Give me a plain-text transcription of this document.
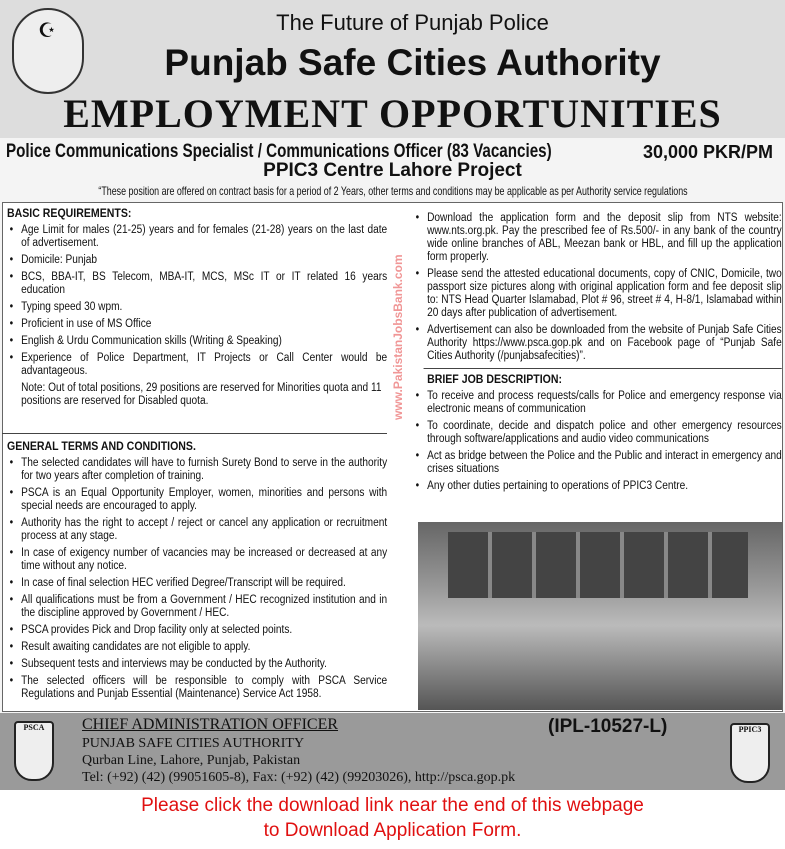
☪
The Future of Punjab Police
Punjab Safe Cities Authority
EMPLOYMENT OPPORTUNITIES
Police Communications Specialist / Communications Officer (83 Vacancies)	30,000 PKR/PM
PPIC3 Centre Lahore Project
“These position are offered on contract basis for a period of 2 Years, other terms and conditions may be applicable as per Authority service regulations
BASIC REQUIREMENTS:
• Age Limit for males (21-25) years and for females (21-28) years on the last date of advertisement.
• Domicile: Punjab
• BCS, BBA-IT, BS Telecom, MBA-IT, MCS, MSc IT or IT related 16 years education
• Typing speed 30 wpm.
• Proficient in use of MS Office
• English & Urdu Communication skills (Writing & Speaking)
• Experience of Police Department, IT Projects or Call Center would be advantageous.
Note: Out of total positions, 29 positions are reserved for Minorities quota and 11 positions are reserved for Disabled quota.
GENERAL TERMS AND CONDITIONS.
• The selected candidates will have to furnish Surety Bond to serve in the authority for two years after completion of training.
• PSCA is an Equal Opportunity Employer, women, minorities and persons with special needs are encouraged to apply.
• Authority has the right to accept / reject or cancel any application or recruitment process at any stage.
• In case of exigency number of vacancies may be increased or decreased at any time without any notice.
• In case of final selection HEC verified Degree/Transcript will be required.
• All qualifications must be from a Government / HEC recognized institution and in the discipline approved by Government / HEC.
• PSCA provides Pick and Drop facility only at selected points.
• Result awaiting candidates are not eligible to apply.
• Subsequent tests and interviews may be conducted by the Authority.
• The selected officers will be responsible to comply with PSCA Service Regulations and Punjab Essential (Maintenance) Service Act 1958.
• Download the application form and the deposit slip from NTS website: www.nts.org.pk. Pay the prescribed fee of Rs.500/- in any bank of the country wide online branches of ABL, Meezan bank or HBL, and fill up the application form properly.
• Please send the attested educational documents, copy of CNIC, Domicile, two passport size pictures along with original application form and fee deposit slip to: NTS Head Quarter Islamabad, Plot # 96, street # 4, H-8/1, Islamabad within 20 days after publication of advertisement.
• Advertisement can also be downloaded from the website of Punjab Safe Cities Authority https://www.psca.gop.pk and on Facebook page of “Punjab Safe Cities Authority (/punjabsafecities)”.
BRIEF JOB DESCRIPTION:
• To receive and process requests/calls for Police and emergency response via electronic means of communication
• To coordinate, decide and dispatch police and other emergency resources through software/applications and audio video communications
• Act as bridge between the Police and the Public and interact in emergency and crises situations
• Any other duties pertaining to operations of PPIC3 Centre.
www.PakistanJobsBank.com
PSCA	CHIEF ADMINISTRATION OFFICER
PUNJAB SAFE CITIES AUTHORITY
Qurban Line, Lahore, Punjab, Pakistan
Tel: (+92) (42) (99051605-8), Fax: (+92) (42) (99203026), http://psca.gop.pk
(IPL-10527-L)	PPIC3
Please click the download link near the end of this webpage
to Download Application Form.
